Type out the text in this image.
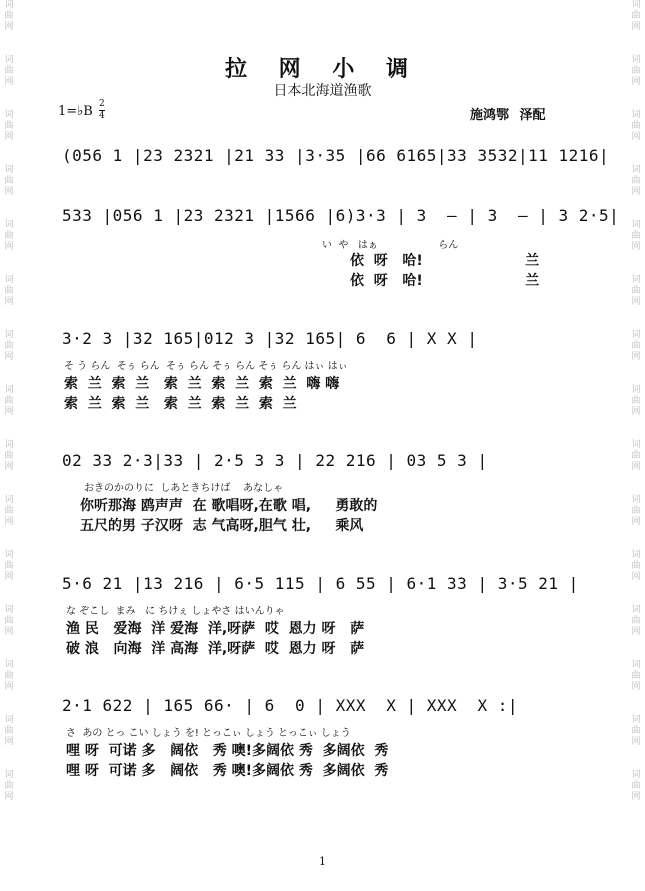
词
曲
网
词
曲
网
词
曲
网
词
曲
网
词
曲
网
词
曲
网
词
曲
网
词
曲
网
词
曲
网
词
曲
网
词
曲
网
词
曲
网
词
曲
网
词
曲
网
词
曲
网
词
曲
网
词
曲
网
词
曲
网
词
曲
网
词
曲
网
词
曲
网
词
曲
网
词
曲
网
词
曲
网
词
曲
网
词
曲
网
词
曲
网
词
曲
网
词
曲
网
词
曲
网
拉 网 小 调
日本北海道渔歌
1=♭B 2
4	施鸿鄂 泽配
(056 1 |23 2321 |21 33 |3·35 |66 6165|33 3532|11 1216|
533 |056 1 |23 2321 |1566 |6)3·3 | 3  – | 3  – | 3 2·5|
い  や   はぁ                   らん
依  呀   哈!                     兰
依  呀   哈!                     兰
3·2 3 |32 165|012 3 |32 165| 6  6 | X X |
そ う らん  そぅ らん  そぅ らん そぅ らん そぅ らん はぃ はぃ
索  兰  索  兰   索  兰  索  兰  索  兰  嗨 嗨
索  兰  索  兰   索  兰  索  兰  索  兰
02 33 2·3|33 | 2·5 3 3 | 22 216 | 03 5 3 |
おきのかのりに  しあときちけば    あなしゃ
你听那海 鸥声声  在 歌唱呀,在歌 唱,     勇敢的
五尺的男 子汉呀  志 气高呀,胆气 壮,     乘风
5·6 21 |13 216 | 6·5 115 | 6 55 | 6·1 33 | 3·5 21 |
な ぞこし  まみ   に ちけぇ しょやさ はいんりゃ
渔 民   爱海  洋 爱海  洋,呀萨  哎  恩力 呀   萨
破 浪   向海  洋 高海  洋,呀萨  哎  恩力 呀   萨
2·1 622 | 165 66· | 6  0 | XXX  X | XXX  X :|
さ  あの とっ こい しょう を! とっこぃ しょう とっこぃ しょう
哩 呀  可诺 多   阔依   秀 噢!多阔依 秀  多阔依  秀
哩 呀  可诺 多   阔依   秀 噢!多阔依 秀  多阔依  秀
1
